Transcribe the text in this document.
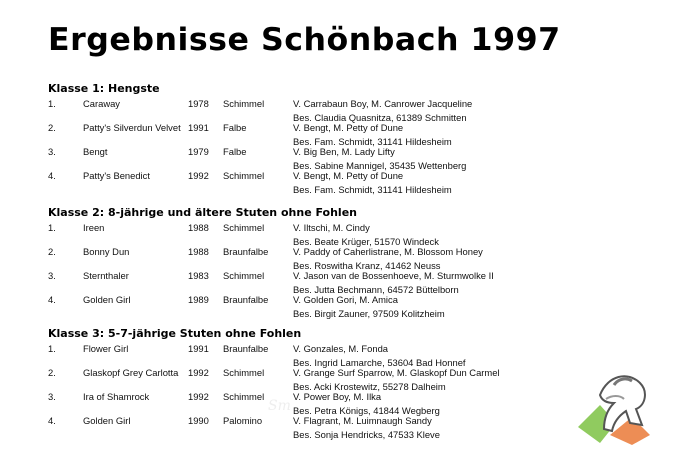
Ergebnisse Schönbach 1997
Klasse 1: Hengste
1.	Caraway	1978 Schimmel	V. Carrabaun Boy, M. Canrower Jacqueline
Bes. Claudia Quasnitza, 61389 Schmitten
2.	Patty's Silverdun Velvet 1991 Falbe	V. Bengt, M. Petty of Dune
Bes. Fam. Schmidt, 31141 Hildesheim
3.	Bengt	1979 Falbe	V. Big Ben, M. Lady Lifty
Bes. Sabine Mannigel, 35435 Wettenberg
4.	Patty's Benedict	1992 Schimmel	V. Bengt, M. Petty of Dune
Bes. Fam. Schmidt, 31141 Hildesheim
Klasse 2: 8-jährige und ältere Stuten ohne Fohlen
1.	Ireen	1988 Schimmel	V. Iltschi, M. Cindy
Bes. Beate Krüger, 51570 Windeck
2.	Bonny Dun	1988 Braunfalbe	V. Paddy of Caherlistrane, M. Blossom Honey
Bes. Roswitha Kranz, 41462 Neuss
3.	Sternthaler	1983 Schimmel	V. Jason van de Bossenhoeve, M. Sturmwolke II
Bes. Jutta Bechmann, 64572 Büttelborn
4.	Golden Girl	1989 Braunfalbe	V. Golden Gori, M. Amica
Bes. Birgit Zauner, 97509 Kolitzheim
Klasse 3: 5-7-jährige Stuten ohne Fohlen
1.	Flower Girl	1991 Braunfalbe	V. Gonzales, M. Fonda
Bes. Ingrid Lamarche, 53604 Bad Honnef
2.	Glaskopf Grey Carlotta 1992 Schimmel	V. Grange Surf Sparrow, M. Glaskopf Dun Carmel
Bes. Acki Krostewitz, 55278 Dalheim
3.	Ira of Shamrock	1992 Schimmel	V. Power Boy, M. Ilka
Bes. Petra Königs, 41844 Wegberg
4.	Golden Girl	1990 Palomino	V. Flagrant, M. Luimnaugh Sandy
Bes. Sonja Hendricks, 47533 Kleve
Sm
